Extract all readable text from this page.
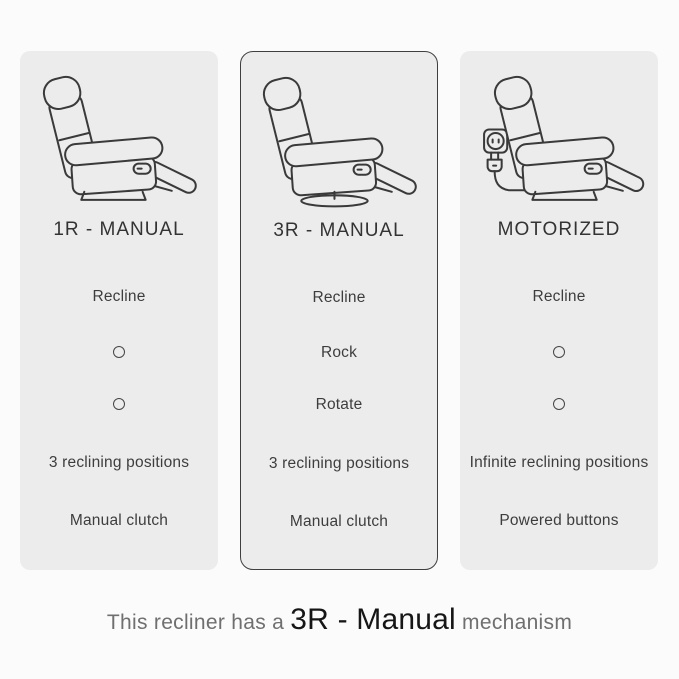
1R - MANUAL
Recline
3 reclining positions
Manual clutch
3R - MANUAL
Recline
Rock
Rotate
3 reclining positions
Manual clutch
MOTORIZED
Recline
Infinite reclining positions
Powered buttons
This recliner has a 3R - Manual mechanism
